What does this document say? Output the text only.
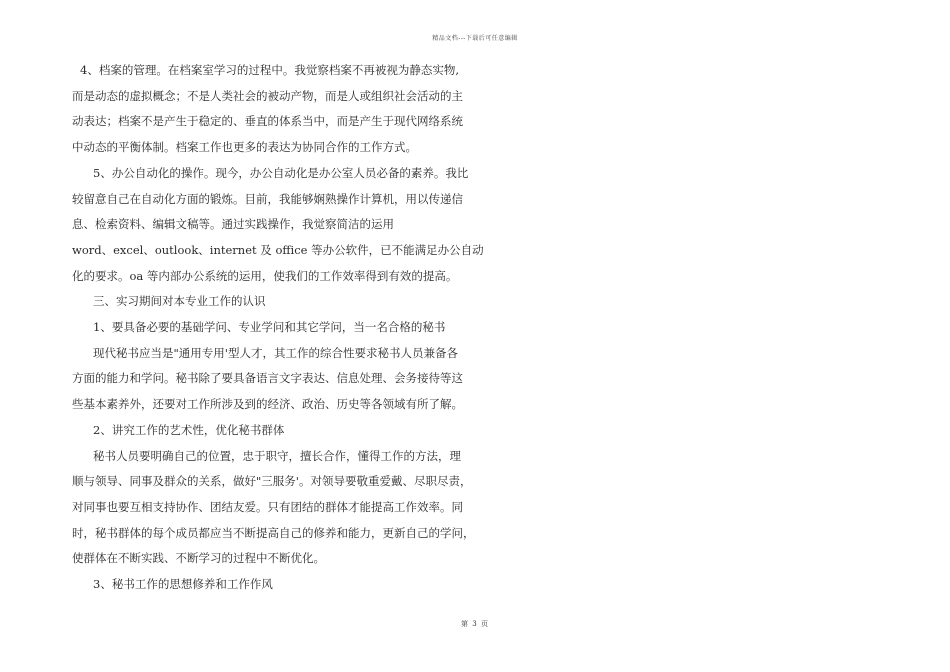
精品文档---下载后可任意编辑
4、档案的管理。在档案室学习的过程中。我觉察档案不再被视为静态实物,
而是动态的虚拟概念；不是人类社会的被动产物，而是人或组织社会活动的主
动表达；档案不是产生于稳定的、垂直的体系当中，而是产生于现代网络系统
中动态的平衡体制。档案工作也更多的表达为协同合作的工作方式。
5、办公自动化的操作。现今，办公自动化是办公室人员必备的素养。我比
较留意自己在自动化方面的锻炼。目前，我能够娴熟操作计算机，用以传递信
息、检索资料、编辑文稿等。通过实践操作，我觉察简洁的运用
word、excel、outlook、internet 及 office 等办公软件，已不能满足办公自动
化的要求。oa 等内部办公系统的运用，使我们的工作效率得到有效的提高。
三、实习期间对本专业工作的认识
1、要具备必要的基础学问、专业学问和其它学问，当一名合格的秘书
现代秘书应当是"通用专用'型人才，其工作的综合性要求秘书人员兼备各
方面的能力和学问。秘书除了要具备语言文字表达、信息处理、会务接待等这
些基本素养外，还要对工作所涉及到的经济、政治、历史等各领域有所了解。
2、讲究工作的艺术性，优化秘书群体
秘书人员要明确自己的位置，忠于职守，擅长合作，懂得工作的方法，理
顺与领导、同事及群众的关系，做好"三服务'。对领导要敬重爱戴、尽职尽责，
对同事也要互相支持协作、团结友爱。只有团结的群体才能提高工作效率。同
时，秘书群体的每个成员都应当不断提高自己的修养和能力，更新自己的学问，
使群体在不断实践、不断学习的过程中不断优化。
3、秘书工作的思想修养和工作作风
第 3 页
